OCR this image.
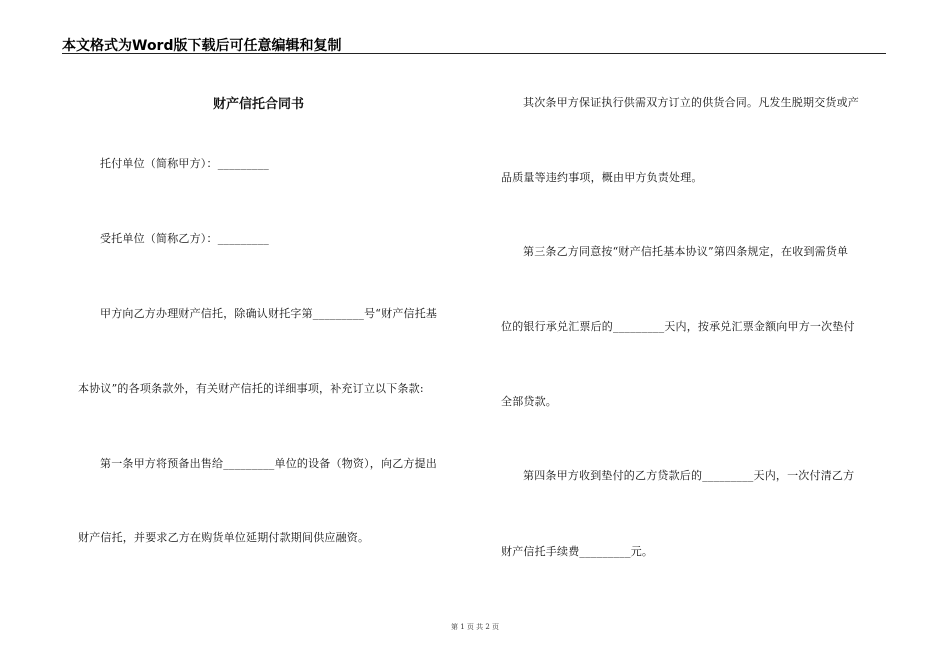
本文格式为Word版下载后可任意编辑和复制
财产信托合同书
托付单位（简称甲方）：_________
受托单位（简称乙方）：_________
甲方向乙方办理财产信托，除确认财托字第_________号“财产信托基
本协议”的各项条款外，有关财产信托的详细事项，补充订立以下条款:
第一条甲方将预备出售给_________单位的设备（物资），向乙方提出
财产信托，并要求乙方在购货单位延期付款期间供应融资。
其次条甲方保证执行供需双方订立的供货合同。凡发生脱期交货或产
品质量等违约事项，概由甲方负责处理。
第三条乙方同意按“财产信托基本协议”第四条规定，在收到需货单
位的银行承兑汇票后的_________天内，按承兑汇票金额向甲方一次垫付
全部贷款。
第四条甲方收到垫付的乙方贷款后的_________天内，一次付清乙方
财产信托手续费_________元。
第 1 页 共 2 页
